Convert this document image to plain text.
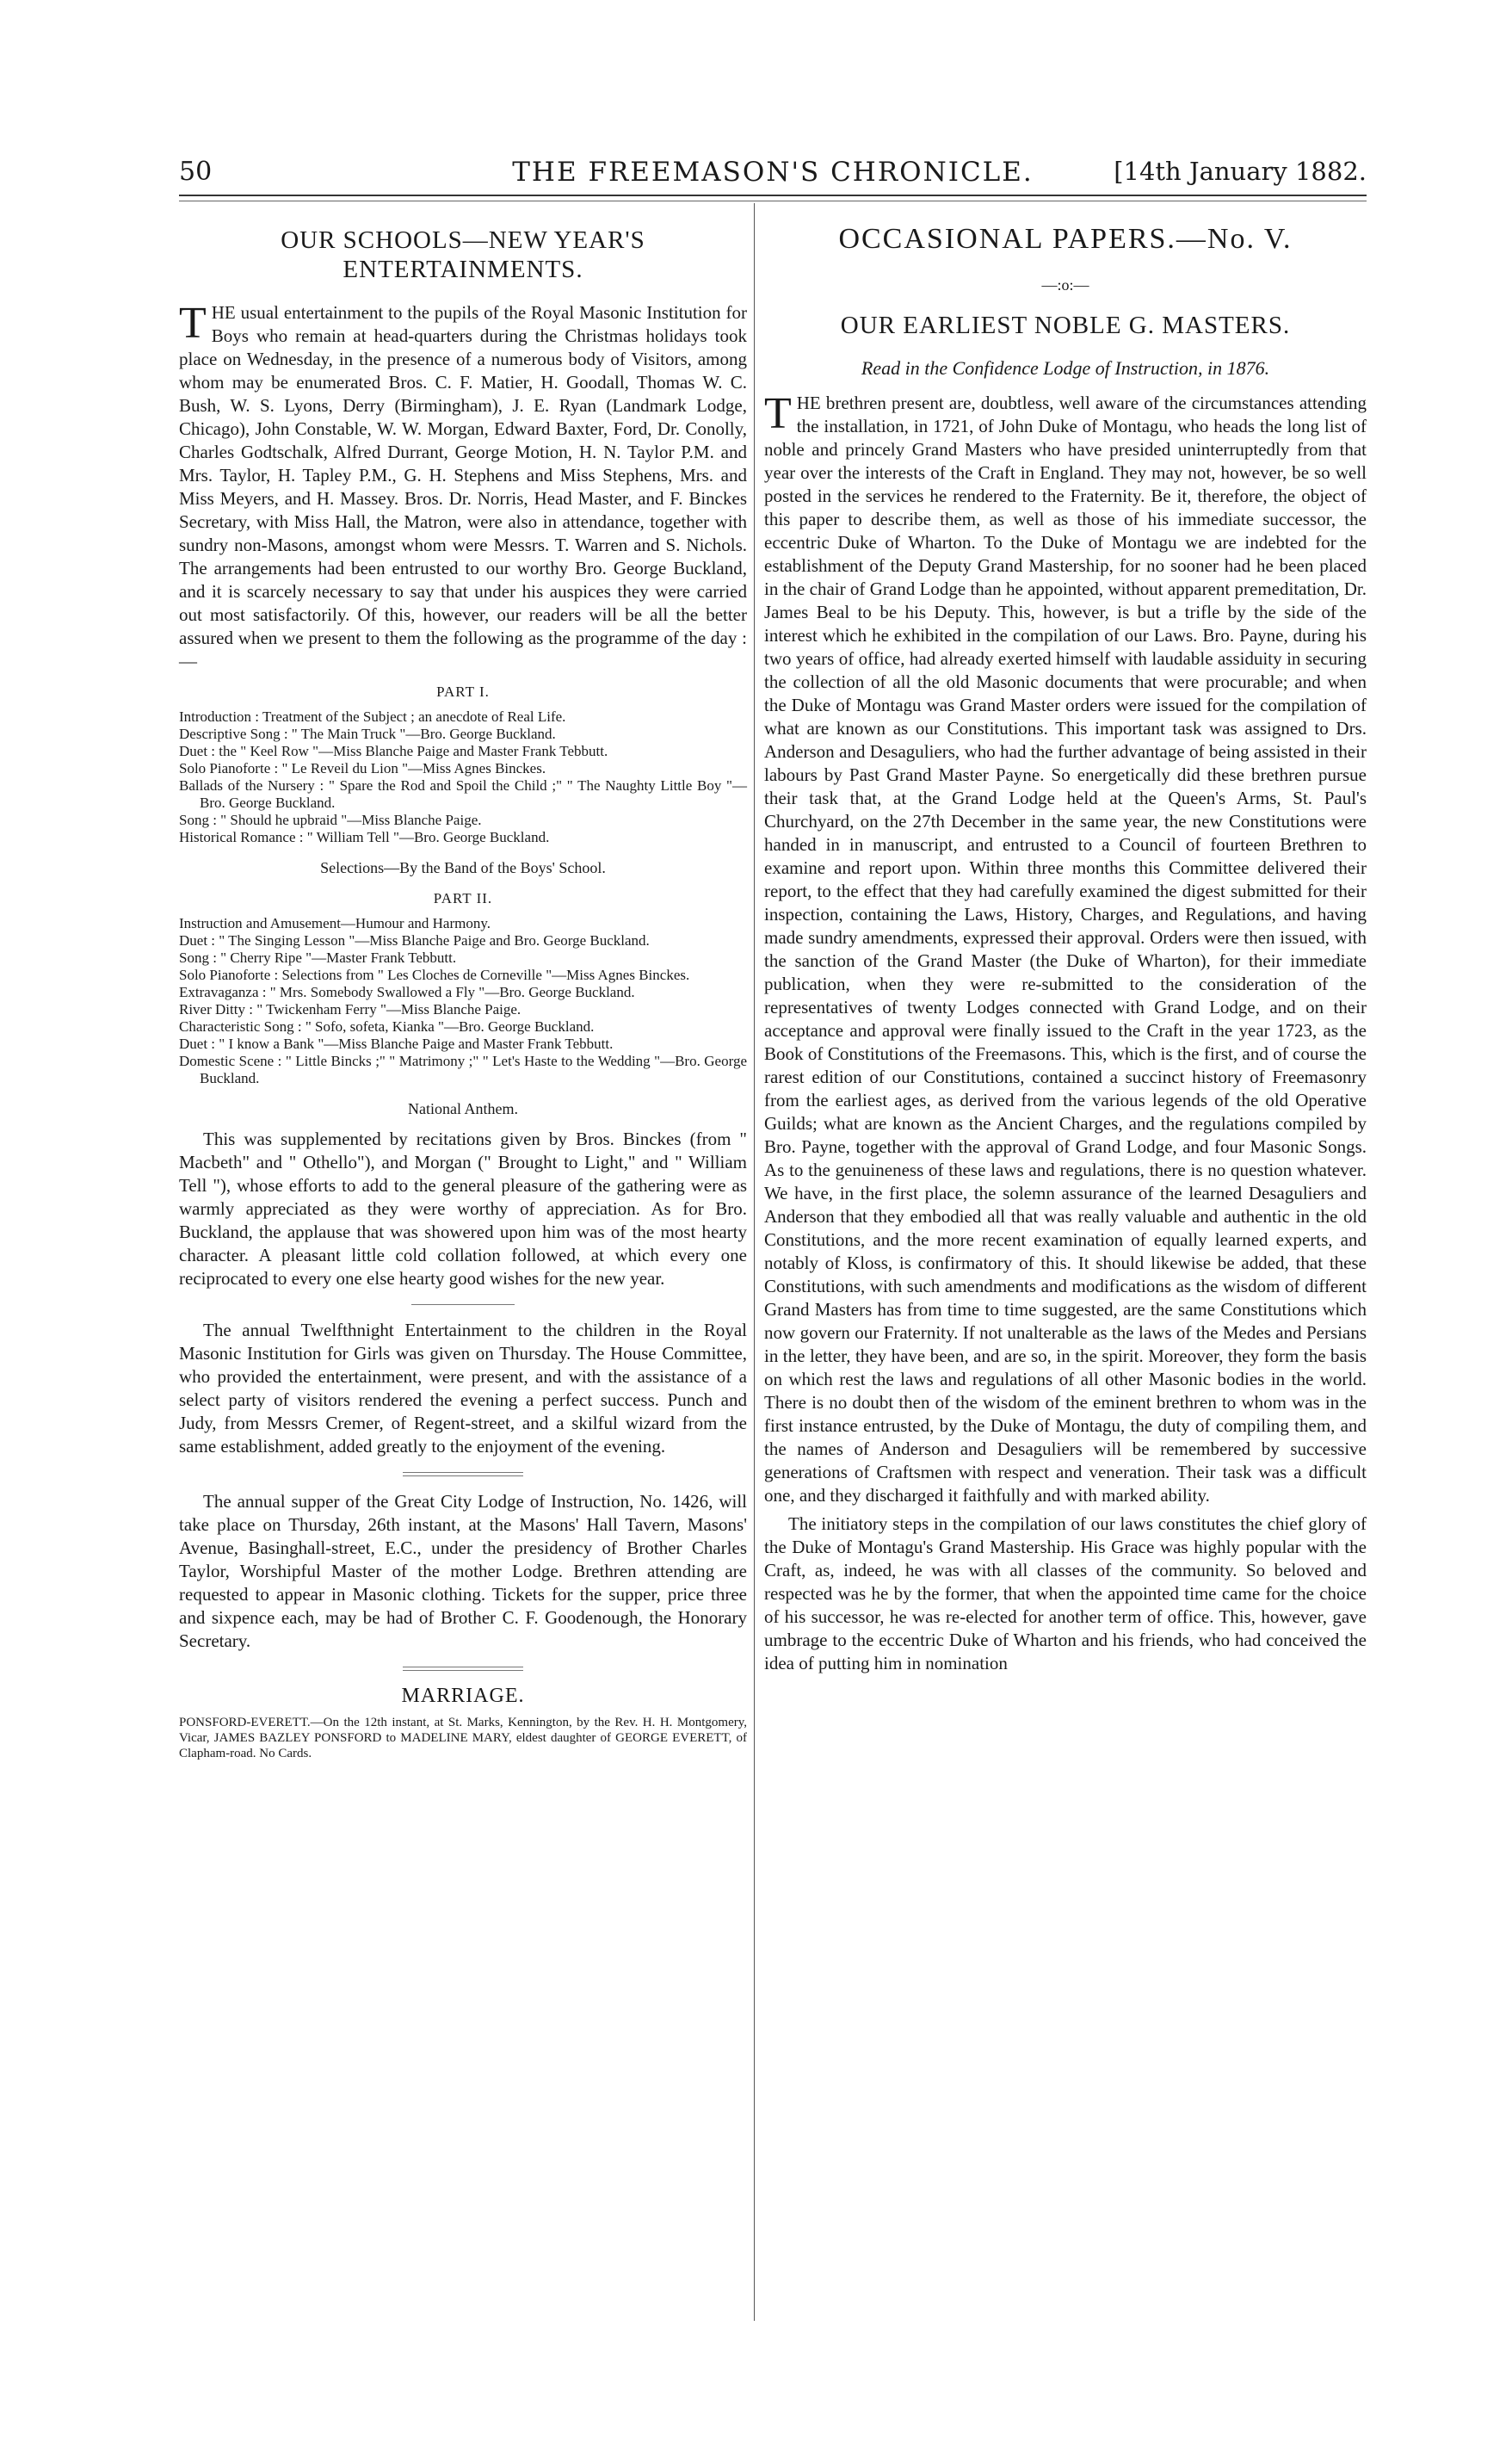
50	THE FREEMASON'S CHRONICLE.	[14th January 1882.
OUR SCHOOLS—NEW YEAR'S ENTERTAINMENTS.

THE usual entertainment to the pupils of the Royal Masonic Institution for Boys who remain at head-quarters during the Christmas holidays took place on Wednesday, in the presence of a numerous body of Visitors, among whom may be enumerated Bros. C. F. Matier, H. Goodall, Thomas W. C. Bush, W. S. Lyons, Derry (Birmingham), J. E. Ryan (Landmark Lodge, Chicago), John Constable, W. W. Morgan, Edward Baxter, Ford, Dr. Conolly, Charles Godtschalk, Alfred Durrant, George Motion, H. N. Taylor P.M. and Mrs. Taylor, H. Tapley P.M., G. H. Stephens and Miss Stephens, Mrs. and Miss Meyers, and H. Massey. Bros. Dr. Norris, Head Master, and F. Binckes Secretary, with Miss Hall, the Matron, were also in attendance, together with sundry non-Masons, amongst whom were Messrs. T. Warren and S. Nichols. The arrangements had been entrusted to our worthy Bro. George Buckland, and it is scarcely necessary to say that under his auspices they were carried out most satisfactorily. Of this, however, our readers will be all the better assured when we present to them the following as the programme of the day :—

PART I.
Introduction : Treatment of the Subject ; an anecdote of Real Life.
Descriptive Song : " The Main Truck "—Bro. George Buckland.
Duet : the " Keel Row "—Miss Blanche Paige and Master Frank Tebbutt.
Solo Pianoforte : " Le Reveil du Lion "—Miss Agnes Binckes.
Ballads of the Nursery : " Spare the Rod and Spoil the Child ;" " The Naughty Little Boy "—Bro. George Buckland.
Song : " Should he upbraid "—Miss Blanche Paige.
Historical Romance : " William Tell "—Bro. George Buckland.
Selections—By the Band of the Boys' School.
PART II.
Instruction and Amusement—Humour and Harmony.
Duet : " The Singing Lesson "—Miss Blanche Paige and Bro. George Buckland.
Song : " Cherry Ripe "—Master Frank Tebbutt.
Solo Pianoforte : Selections from " Les Cloches de Corneville "—Miss Agnes Binckes.
Extravaganza : " Mrs. Somebody Swallowed a Fly "—Bro. George Buckland.
River Ditty : " Twickenham Ferry "—Miss Blanche Paige.
Characteristic Song : " Sofo, sofeta, Kianka "—Bro. George Buckland.
Duet : " I know a Bank "—Miss Blanche Paige and Master Frank Tebbutt.
Domestic Scene : " Little Bincks ;" " Matrimony ;" " Let's Haste to the Wedding "—Bro. George Buckland.
National Anthem.

This was supplemented by recitations given by Bros. Binckes (from " Macbeth" and " Othello"), and Morgan (" Brought to Light," and " William Tell "), whose efforts to add to the general pleasure of the gathering were as warmly appreciated as they were worthy of appreciation. As for Bro. Buckland, the applause that was showered upon him was of the most hearty character. A pleasant little cold collation followed, at which every one reciprocated to every one else hearty good wishes for the new year.

The annual Twelfthnight Entertainment to the children in the Royal Masonic Institution for Girls was given on Thursday. The House Committee, who provided the entertainment, were present, and with the assistance of a select party of visitors rendered the evening a perfect success. Punch and Judy, from Messrs Cremer, of Regent-street, and a skilful wizard from the same establishment, added greatly to the enjoyment of the evening.

The annual supper of the Great City Lodge of Instruction, No. 1426, will take place on Thursday, 26th instant, at the Masons' Hall Tavern, Masons' Avenue, Basinghall-street, E.C., under the presidency of Brother Charles Taylor, Worshipful Master of the mother Lodge. Brethren attending are requested to appear in Masonic clothing. Tickets for the supper, price three and sixpence each, may be had of Brother C. F. Goodenough, the Honorary Secretary.

MARRIAGE.
PONSFORD-EVERETT.—On the 12th instant, at St. Marks, Kennington, by the Rev. H. H. Montgomery, Vicar, JAMES BAZLEY PONSFORD to MADELINE MARY, eldest daughter of GEORGE EVERETT, of Clapham-road. No Cards.
OCCASIONAL PAPERS.—No. V.
—:o:—
OUR EARLIEST NOBLE G. MASTERS.
Read in the Confidence Lodge of Instruction, in 1876.

THE brethren present are, doubtless, well aware of the circumstances attending the installation, in 1721, of John Duke of Montagu, who heads the long list of noble and princely Grand Masters who have presided uninterruptedly from that year over the interests of the Craft in England. They may not, however, be so well posted in the services he rendered to the Fraternity. Be it, therefore, the object of this paper to describe them, as well as those of his immediate successor, the eccentric Duke of Wharton. To the Duke of Montagu we are indebted for the establishment of the Deputy Grand Mastership, for no sooner had he been placed in the chair of Grand Lodge than he appointed, without apparent premeditation, Dr. James Beal to be his Deputy. This, however, is but a trifle by the side of the interest which he exhibited in the compilation of our Laws. Bro. Payne, during his two years of office, had already exerted himself with laudable assiduity in securing the collection of all the old Masonic documents that were procurable; and when the Duke of Montagu was Grand Master orders were issued for the compilation of what are known as our Constitutions. This important task was assigned to Drs. Anderson and Desaguliers, who had the further advantage of being assisted in their labours by Past Grand Master Payne. So energetically did these brethren pursue their task that, at the Grand Lodge held at the Queen's Arms, St. Paul's Churchyard, on the 27th December in the same year, the new Constitutions were handed in in manuscript, and entrusted to a Council of fourteen Brethren to examine and report upon. Within three months this Committee delivered their report, to the effect that they had carefully examined the digest submitted for their inspection, containing the Laws, History, Charges, and Regulations, and having made sundry amendments, expressed their approval. Orders were then issued, with the sanction of the Grand Master (the Duke of Wharton), for their immediate publication, when they were re-submitted to the consideration of the representatives of twenty Lodges connected with Grand Lodge, and on their acceptance and approval were finally issued to the Craft in the year 1723, as the Book of Constitutions of the Freemasons. This, which is the first, and of course the rarest edition of our Constitutions, contained a succinct history of Freemasonry from the earliest ages, as derived from the various legends of the old Operative Guilds; what are known as the Ancient Charges, and the regulations compiled by Bro. Payne, together with the approval of Grand Lodge, and four Masonic Songs. As to the genuineness of these laws and regulations, there is no question whatever. We have, in the first place, the solemn assurance of the learned Desaguliers and Anderson that they embodied all that was really valuable and authentic in the old Constitutions, and the more recent examination of equally learned experts, and notably of Kloss, is confirmatory of this. It should likewise be added, that these Constitutions, with such amendments and modifications as the wisdom of different Grand Masters has from time to time suggested, are the same Constitutions which now govern our Fraternity. If not unalterable as the laws of the Medes and Persians in the letter, they have been, and are so, in the spirit. Moreover, they form the basis on which rest the laws and regulations of all other Masonic bodies in the world. There is no doubt then of the wisdom of the eminent brethren to whom was in the first instance entrusted, by the Duke of Montagu, the duty of compiling them, and the names of Anderson and Desaguliers will be remembered by successive generations of Craftsmen with respect and veneration. Their task was a difficult one, and they discharged it faithfully and with marked ability.

The initiatory steps in the compilation of our laws constitutes the chief glory of the Duke of Montagu's Grand Mastership. His Grace was highly popular with the Craft, as, indeed, he was with all classes of the community. So beloved and respected was he by the former, that when the appointed time came for the choice of his successor, he was re-elected for another term of office. This, however, gave umbrage to the eccentric Duke of Wharton and his friends, who had conceived the idea of putting him in nomination
